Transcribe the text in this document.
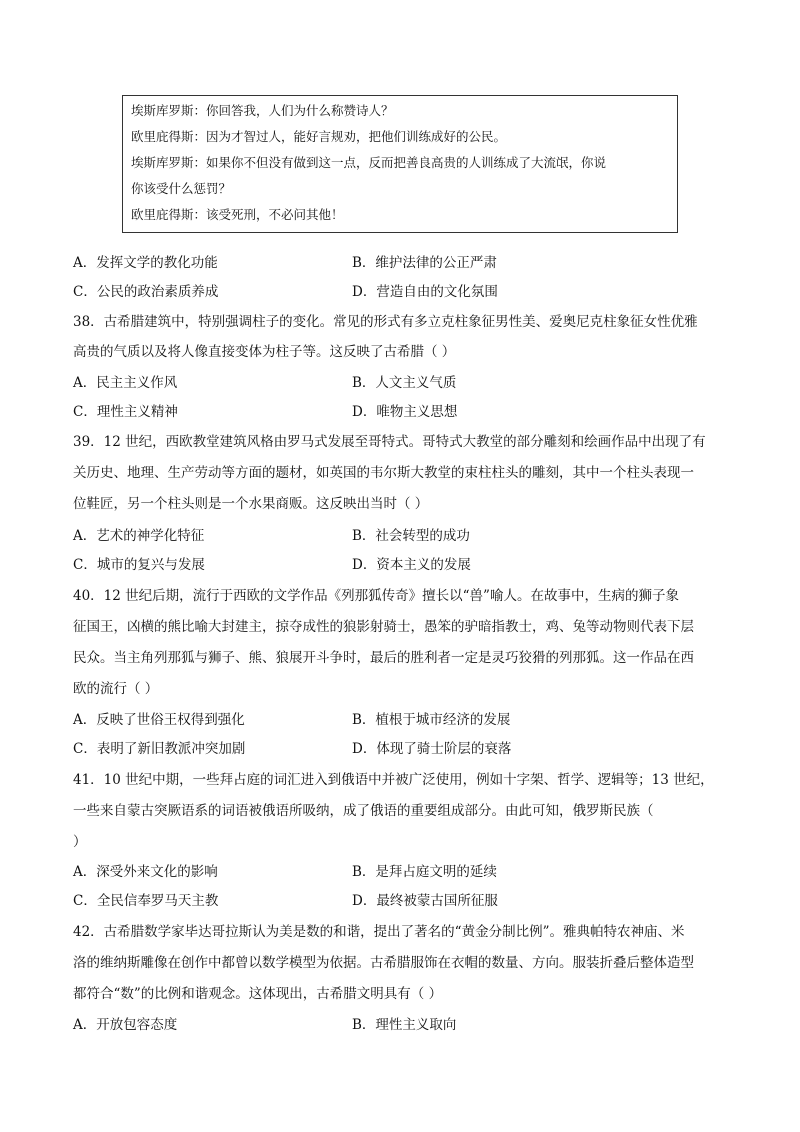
埃斯库罗斯：你回答我，人们为什么称赞诗人？
欧里庇得斯：因为才智过人，能好言规劝，把他们训练成好的公民。
埃斯库罗斯：如果你不但没有做到这一点，反而把善良高贵的人训练成了大流氓，你说
你该受什么惩罚？
欧里庇得斯：该受死刑，不必问其他！
A．发挥文学的教化功能	B．维护法律的公正严肃
C．公民的政治素质养成	D．营造自由的文化氛围
38．古希腊建筑中，特别强调柱子的变化。常见的形式有多立克柱象征男性美、爱奥尼克柱象征女性优雅
高贵的气质以及将人像直接变体为柱子等。这反映了古希腊（ ）
A．民主主义作风	B．人文主义气质
C．理性主义精神	D．唯物主义思想
39．12 世纪，西欧教堂建筑风格由罗马式发展至哥特式。哥特式大教堂的部分雕刻和绘画作品中出现了有
关历史、地理、生产劳动等方面的题材，如英国的韦尔斯大教堂的束柱柱头的雕刻，其中一个柱头表现一
位鞋匠，另一个柱头则是一个水果商贩。这反映出当时（ ）
A．艺术的神学化特征	B．社会转型的成功
C．城市的复兴与发展	D．资本主义的发展
40．12 世纪后期，流行于西欧的文学作品《列那狐传奇》擅长以“兽”喻人。在故事中，生病的狮子象
征国王，凶横的熊比喻大封建主，掠夺成性的狼影射骑士，愚笨的驴暗指教士，鸡、兔等动物则代表下层
民众。当主角列那狐与狮子、熊、狼展开斗争时，最后的胜利者一定是灵巧狡猾的列那狐。这一作品在西
欧的流行（ ）
A．反映了世俗王权得到强化	B．植根于城市经济的发展
C．表明了新旧教派冲突加剧	D．体现了骑士阶层的衰落
41．10 世纪中期，一些拜占庭的词汇进入到俄语中并被广泛使用，例如十字架、哲学、逻辑等；13 世纪，
一些来自蒙古突厥语系的词语被俄语所吸纳，成了俄语的重要组成部分。由此可知，俄罗斯民族（
）
A．深受外来文化的影响	B．是拜占庭文明的延续
C．全民信奉罗马天主教	D．最终被蒙古国所征服
42．古希腊数学家毕达哥拉斯认为美是数的和谐，提出了著名的“黄金分制比例”。雅典帕特农神庙、米
洛的维纳斯雕像在创作中都曾以数学模型为依据。古希腊服饰在衣帽的数量、方向。服装折叠后整体造型
都符合“数”的比例和谐观念。这体现出，古希腊文明具有（ ）
A．开放包容态度	B．理性主义取向
